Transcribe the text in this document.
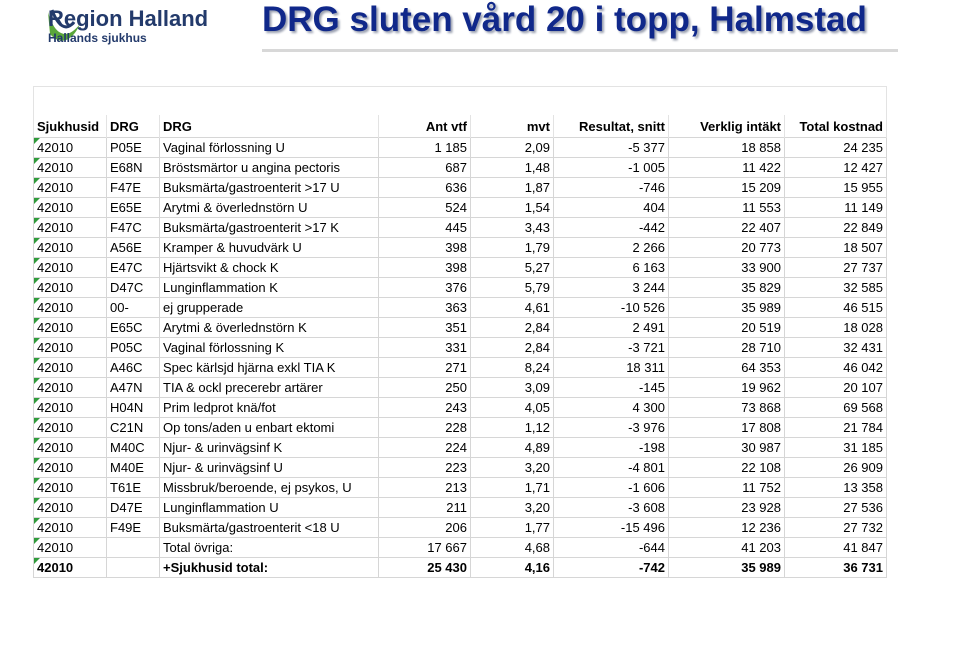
Region Halland
Hallands sjukhus	DRG sluten vård 20 i topp, Halmstad

Sjukhusid	DRG	DRG	Ant vtf	mvt	Resultat, snitt	Verklig intäkt	Total kostnad
42010	P05E	Vaginal förlossning U	1 185	2,09	-5 377	18 858	24 235
42010	E68N	Bröstsmärtor u angina pectoris	687	1,48	-1 005	11 422	12 427
42010	F47E	Buksmärta/gastroenterit >17 U	636	1,87	-746	15 209	15 955
42010	E65E	Arytmi & överlednstörn U	524	1,54	404	11 553	11 149
42010	F47C	Buksmärta/gastroenterit >17 K	445	3,43	-442	22 407	22 849
42010	A56E	Kramper & huvudvärk U	398	1,79	2 266	20 773	18 507
42010	E47C	Hjärtsvikt & chock K	398	5,27	6 163	33 900	27 737
42010	D47C	Lunginflammation K	376	5,79	3 244	35 829	32 585
42010	00-	ej grupperade	363	4,61	-10 526	35 989	46 515
42010	E65C	Arytmi & överlednstörn K	351	2,84	2 491	20 519	18 028
42010	P05C	Vaginal förlossning K	331	2,84	-3 721	28 710	32 431
42010	A46C	Spec kärlsjd hjärna exkl TIA K	271	8,24	18 311	64 353	46 042
42010	A47N	TIA & ockl precerebr artärer	250	3,09	-145	19 962	20 107
42010	H04N	Prim ledprot knä/fot	243	4,05	4 300	73 868	69 568
42010	C21N	Op tons/aden u enbart ektomi	228	1,12	-3 976	17 808	21 784
42010	M40C	Njur- & urinvägsinf K	224	4,89	-198	30 987	31 185
42010	M40E	Njur- & urinvägsinf U	223	3,20	-4 801	22 108	26 909
42010	T61E	Missbruk/beroende, ej psykos, U	213	1,71	-1 606	11 752	13 358
42010	D47E	Lunginflammation U	211	3,20	-3 608	23 928	27 536
42010	F49E	Buksmärta/gastroenterit <18 U	206	1,77	-15 496	12 236	27 732
42010		Total övriga:	17 667	4,68	-644	41 203	41 847
42010		+Sjukhusid total:	25 430	4,16	-742	35 989	36 731
